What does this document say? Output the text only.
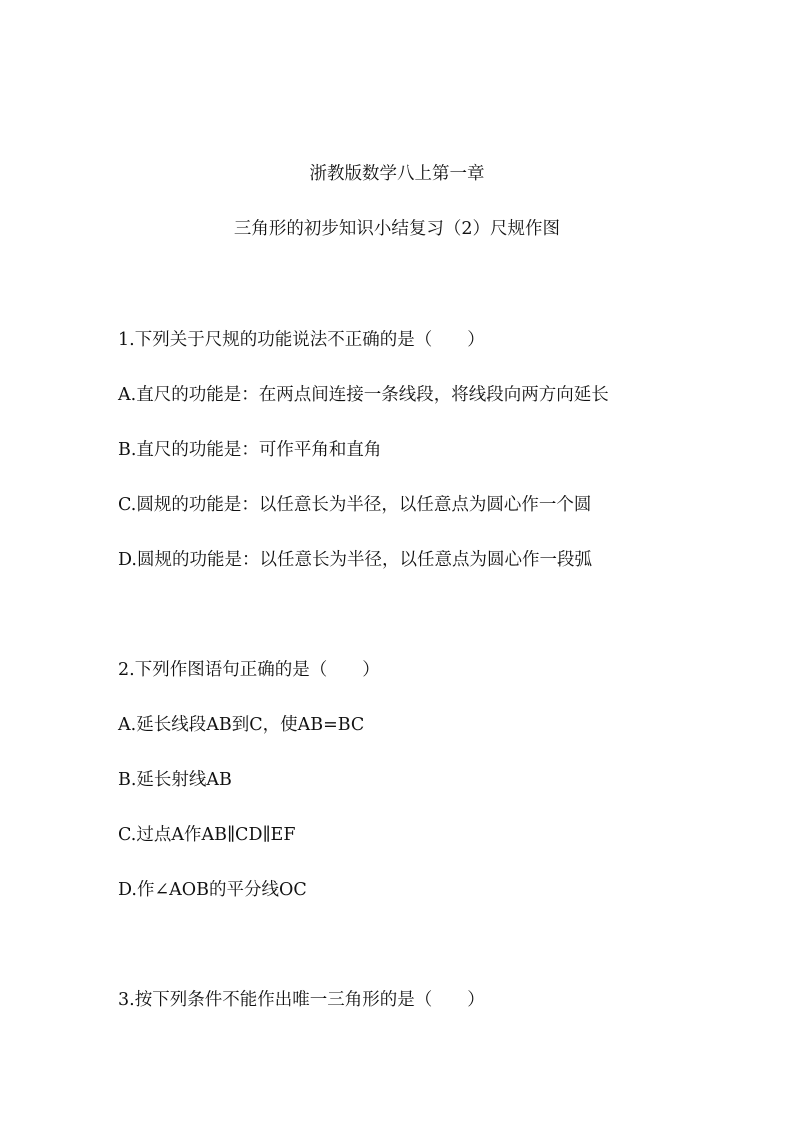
浙教版数学八上第一章
三角形的初步知识小结复习（2）尺规作图
1.下列关于尺规的功能说法不正确的是（　　）
A.直尺的功能是：在两点间连接一条线段，将线段向两方向延长
B.直尺的功能是：可作平角和直角
C.圆规的功能是：以任意长为半径，以任意点为圆心作一个圆
D.圆规的功能是：以任意长为半径，以任意点为圆心作一段弧
2.下列作图语句正确的是（　　）
A.延长线段AB到C，使AB=BC
B.延长射线AB
C.过点A作AB∥CD∥EF
D.作∠AOB的平分线OC
3.按下列条件不能作出唯一三角形的是（　　）
